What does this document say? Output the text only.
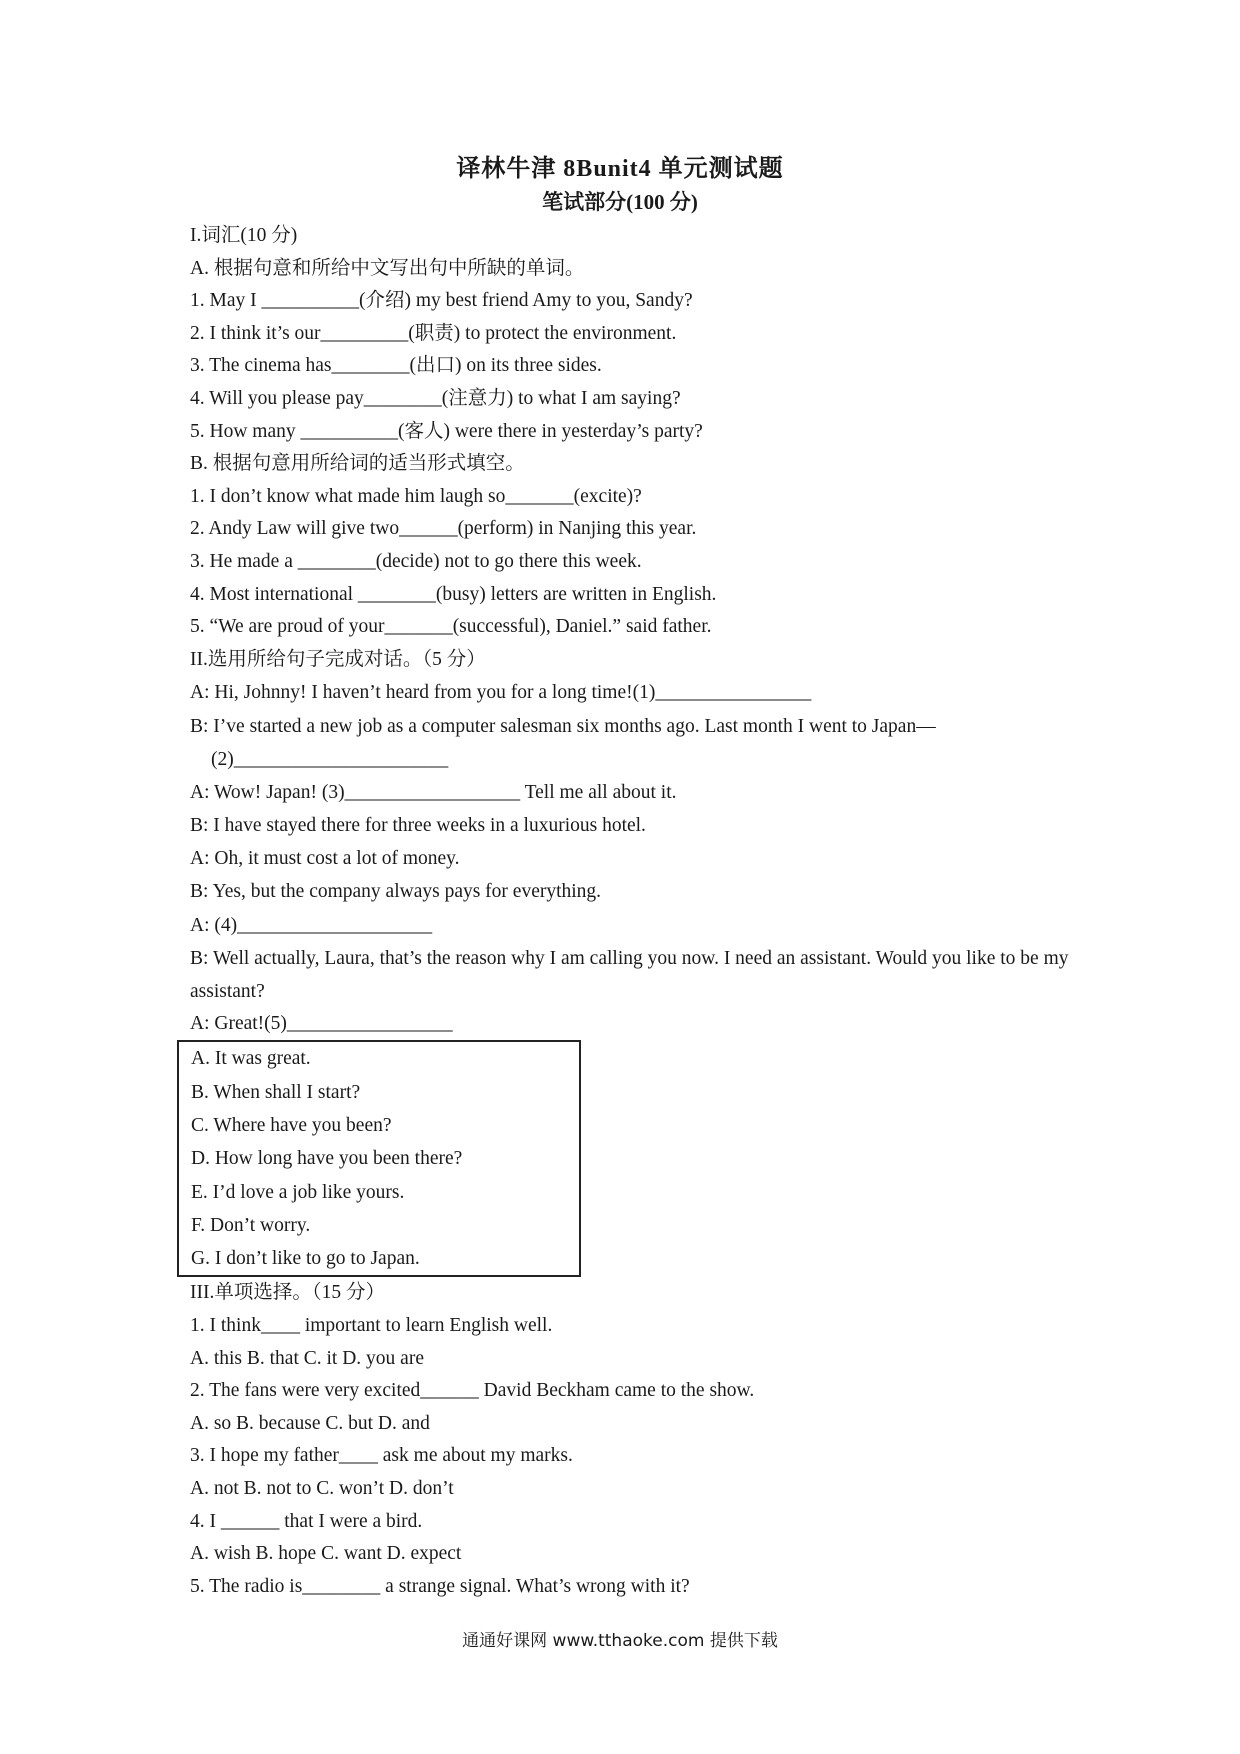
译林牛津 8Bunit4 单元测试题
笔试部分(100 分)
I.词汇(10 分)
A. 根据句意和所给中文写出句中所缺的单词。
1. May I __________(介绍) my best friend Amy to you, Sandy?
2. I think it’s our_________(职责) to protect the environment.
3. The cinema has________(出口) on its three sides.
4. Will you please pay________(注意力) to what I am saying?
5. How many __________(客人) were there in yesterday’s party?
B. 根据句意用所给词的适当形式填空。
1. I don’t know what made him laugh so_______(excite)?
2. Andy Law will give two______(perform) in Nanjing this year.
3. He made a ________(decide) not to go there this week.
4. Most international ________(busy) letters are written in English.
5. “We are proud of your_______(successful), Daniel.” said father.
II.选用所给句子完成对话。（5 分）
A: Hi, Johnny! I haven’t heard from you for a long time!(1)________________
B: I’ve started a new job as a computer salesman six months ago. Last month I went to Japan—
(2)______________________
A: Wow! Japan! (3)__________________ Tell me all about it.
B: I have stayed there for three weeks in a luxurious hotel.
A: Oh, it must cost a lot of money.
B: Yes, but the company always pays for everything.
A: (4)____________________
B: Well actually, Laura, that’s the reason why I am calling you now. I need an assistant. Would you like to be my assistant?
A: Great!(5)_________________
A. It was great.
B. When shall I start?
C. Where have you been?
D. How long have you been there?
E. I’d love a job like yours.
F. Don’t worry.
G. I don’t like to go to Japan.
III.单项选择。（15 分）
1. I think____ important to learn English well.
A. this B. that C. it D. you are
2. The fans were very excited______ David Beckham came to the show.
A. so B. because C. but D. and
3. I hope my father____ ask me about my marks.
A. not B. not to C. won’t D. don’t
4. I ______ that I were a bird.
A. wish B. hope C. want D. expect
5. The radio is________ a strange signal. What’s wrong with it?
通通好课网 www.tthaoke.com 提供下载
